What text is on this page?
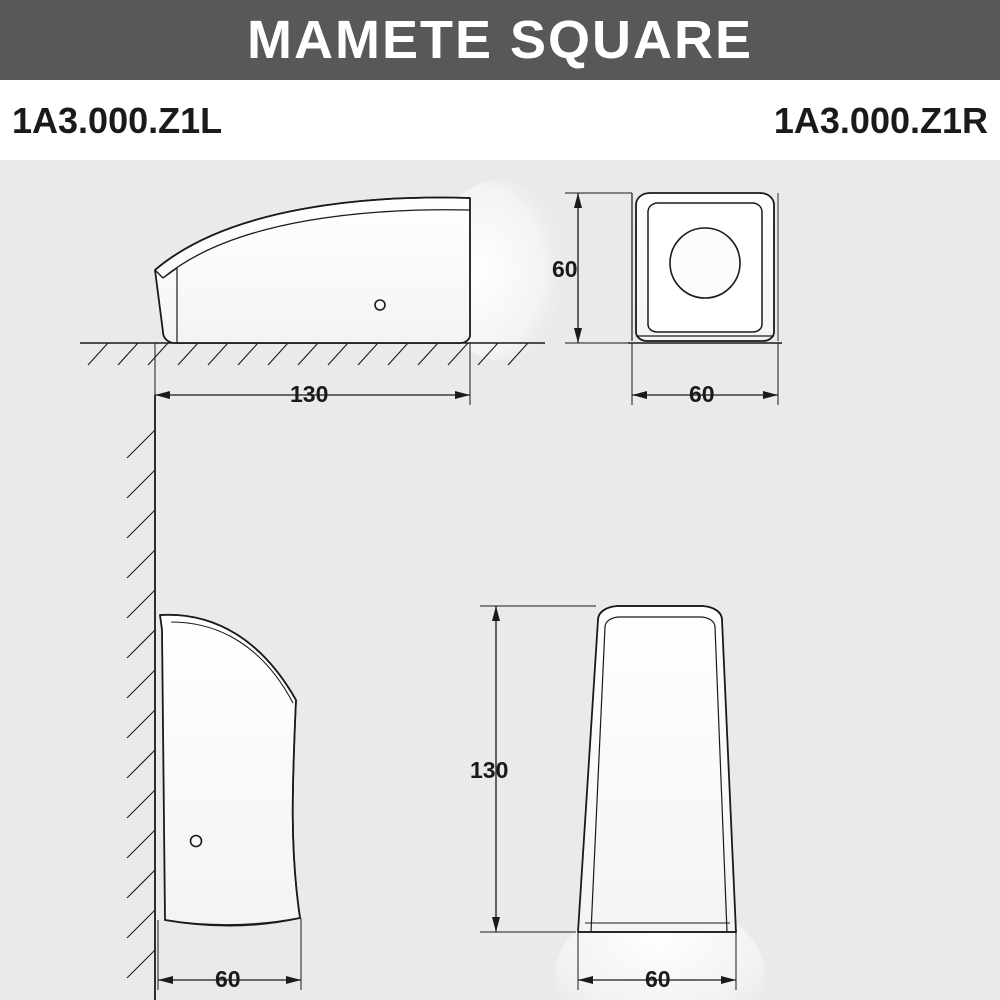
MAMETE SQUARE
1A3.000.Z1L	1A3.000.Z1R
130
60
60
60
130
60
